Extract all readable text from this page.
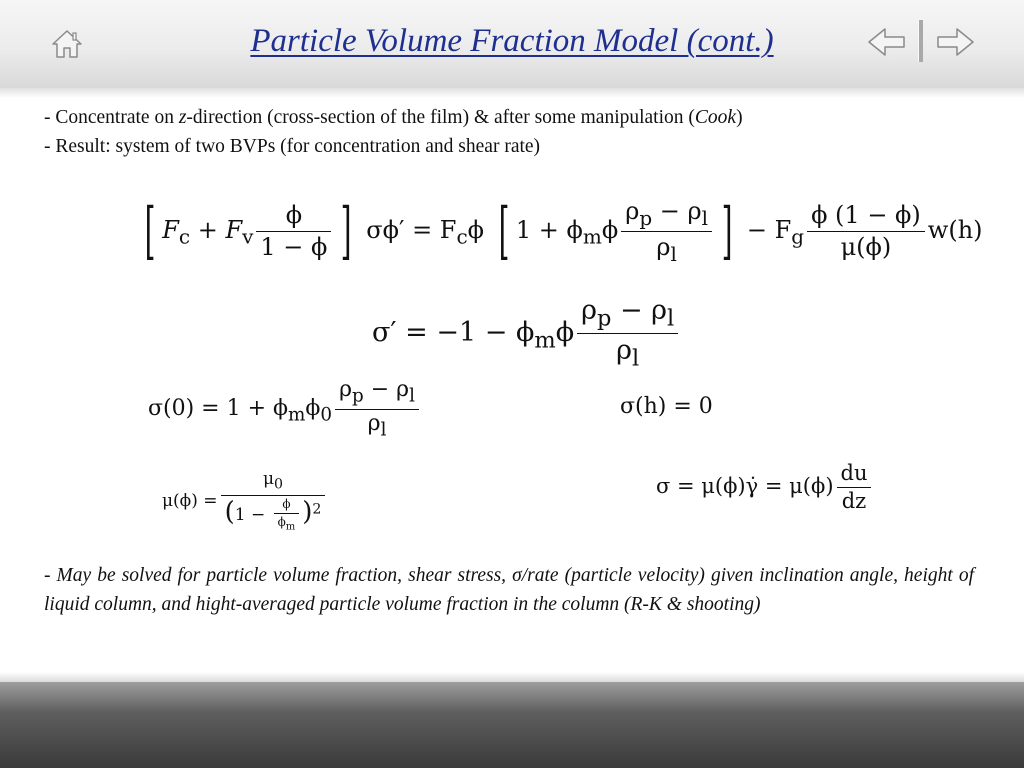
Particle Volume Fraction Model (cont.)
- Concentrate on z-direction (cross-section of the film) & after some manipulation (Cook)
- Result: system of two BVPs (for concentration and shear rate)
[ $F_c + F_v \frac{\phi}{1 - \phi}$ ] $\sigma\phi' = F_c\phi$ [ $1 + \phi_m\phi \frac{\rho_p - \rho_l}{\rho_l}$ ] − $F_g \frac{\phi (1 - \phi)}{\mu(\phi)} w(h)$
$\sigma' = -1 - \phi_m\phi \frac{\rho_p - \rho_l}{\rho_l}$
$\sigma(0) = 1 + \phi_m\phi_0 \frac{\rho_p - \rho_l}{\rho_l}$	σ(h) = 0
$\mu(\phi) = \frac{\mu_0}{(1 - \frac{\phi}{\phi_m} )^2}$	σ = μ(ϕ)γ̇ = $\mu(\phi) \frac{du}{dz}$
- May be solved for particle volume fraction, shear stress, σ/rate (particle velocity) given inclination angle, height of liquid column, and hight-averaged particle volume fraction in the column (R-K & shooting)
